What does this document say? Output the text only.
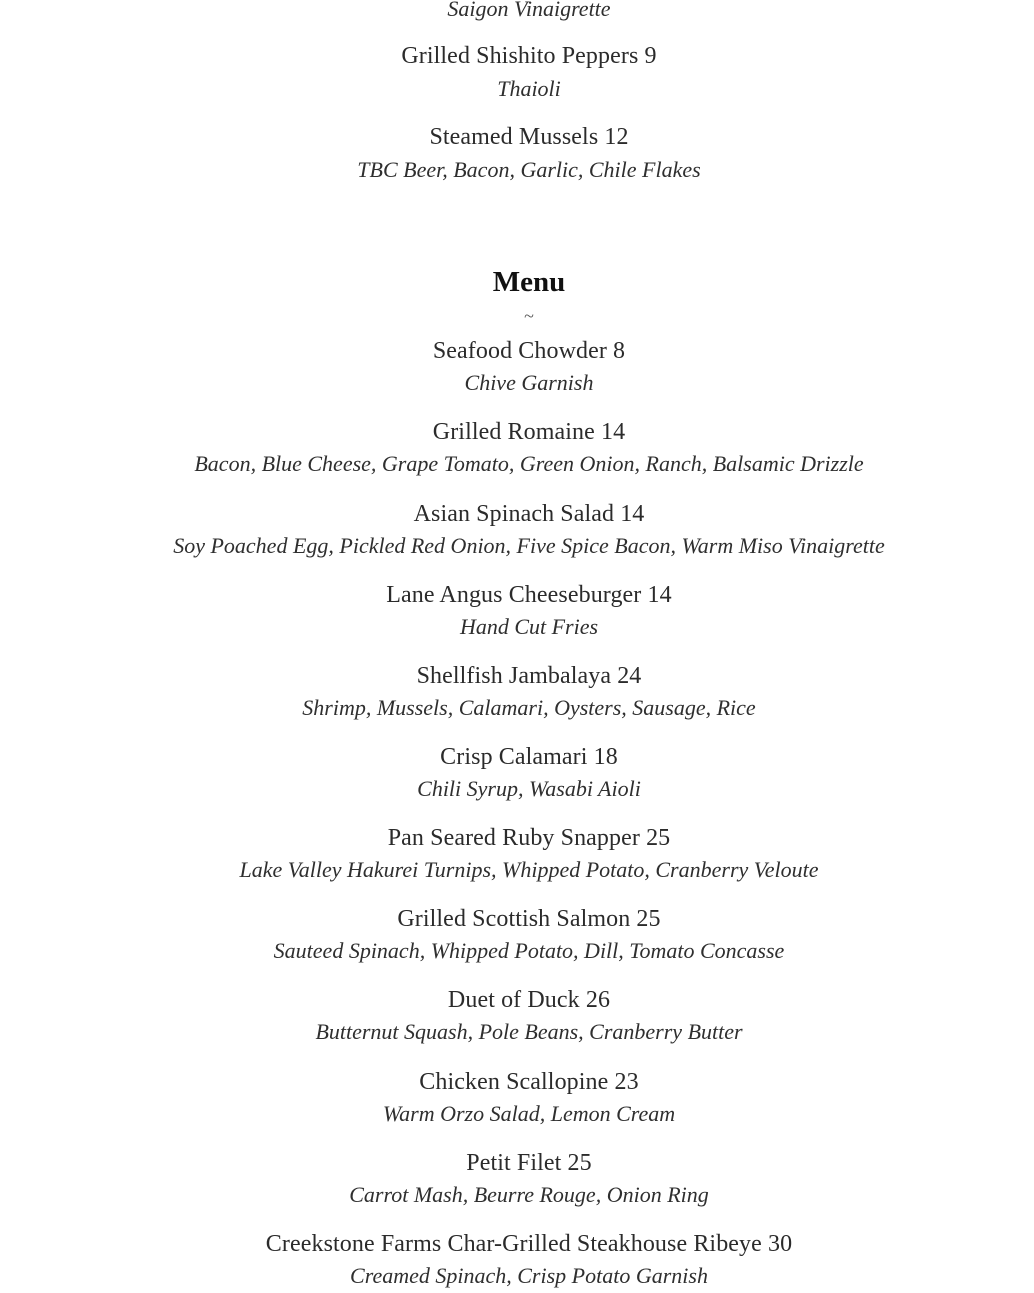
Saigon Vinaigrette
Grilled Shishito Peppers 9
Thaioli
Steamed Mussels 12
TBC Beer, Bacon, Garlic, Chile Flakes
Menu
~
Seafood Chowder 8
Chive Garnish
Grilled Romaine 14
Bacon, Blue Cheese, Grape Tomato, Green Onion, Ranch, Balsamic Drizzle
Asian Spinach Salad 14
Soy Poached Egg, Pickled Red Onion, Five Spice Bacon, Warm Miso Vinaigrette
Lane Angus Cheeseburger 14
Hand Cut Fries
Shellfish Jambalaya 24
Shrimp, Mussels, Calamari, Oysters, Sausage, Rice
Crisp Calamari 18
Chili Syrup, Wasabi Aioli
Pan Seared Ruby Snapper 25
Lake Valley Hakurei Turnips, Whipped Potato, Cranberry Veloute
Grilled Scottish Salmon 25
Sauteed Spinach, Whipped Potato, Dill, Tomato Concasse
Duet of Duck 26
Butternut Squash, Pole Beans, Cranberry Butter
Chicken Scallopine 23
Warm Orzo Salad, Lemon Cream
Petit Filet 25
Carrot Mash, Beurre Rouge, Onion Ring
Creekstone Farms Char-Grilled Steakhouse Ribeye 30
Creamed Spinach, Crisp Potato Garnish
